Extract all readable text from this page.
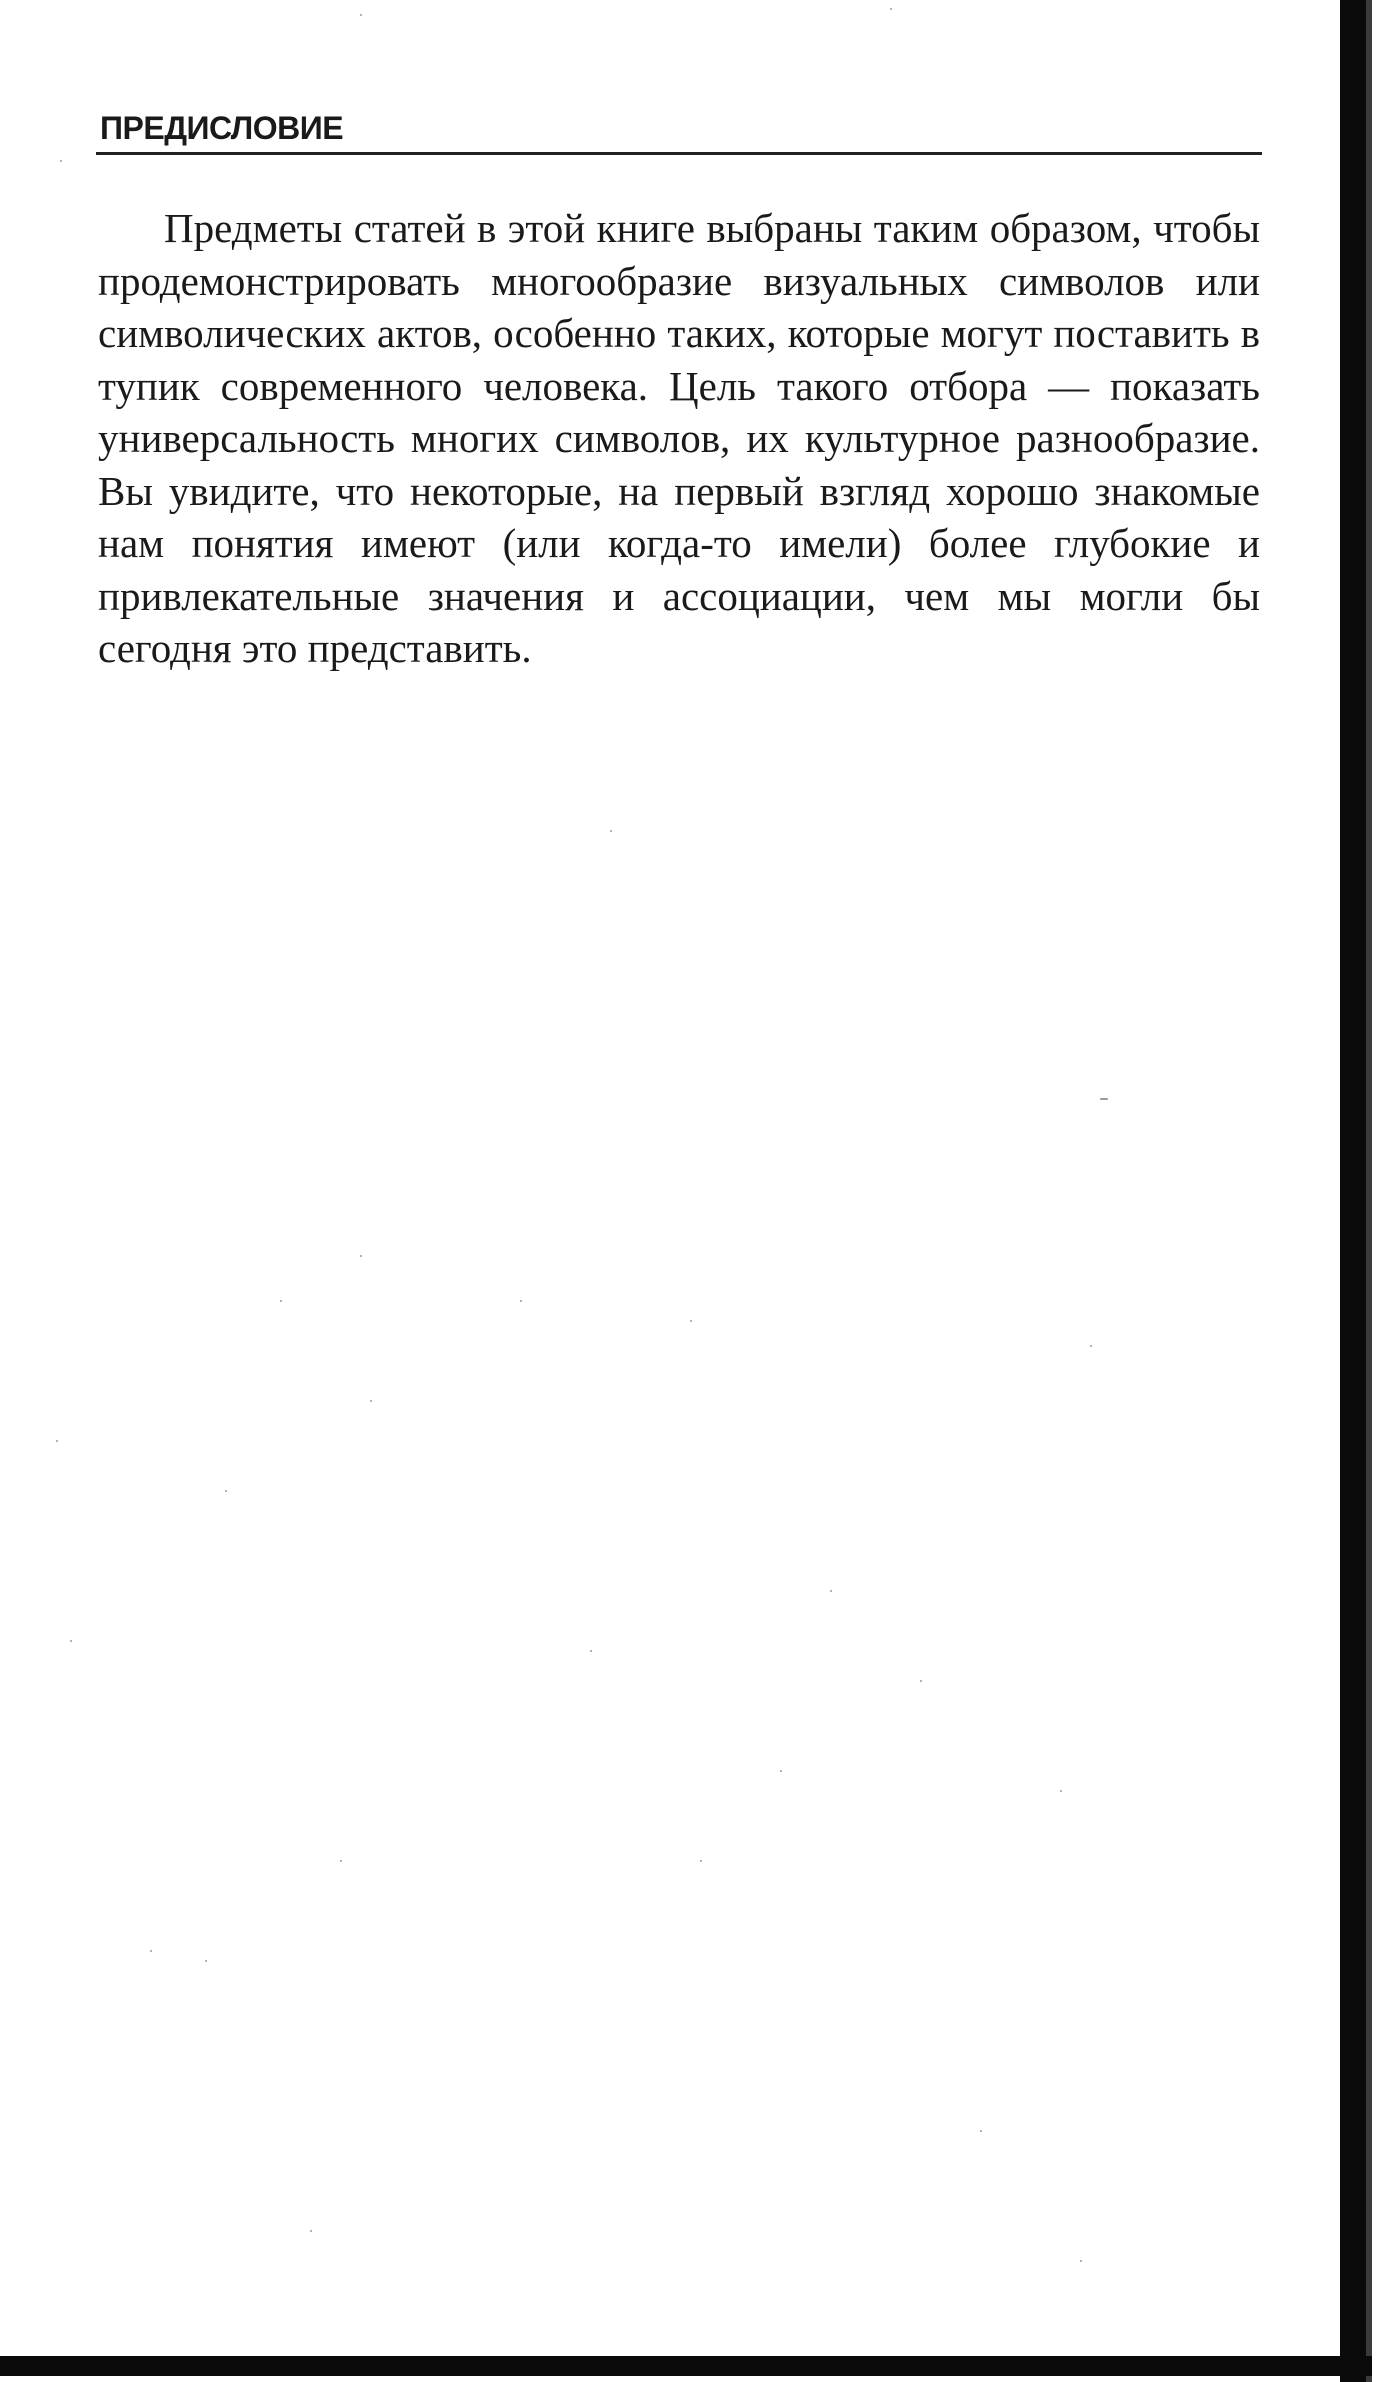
ПРЕДИСЛОВИЕ

Предметы статей в этой книге выбраны таким образом, чтобы продемонстрировать многообразие визуальных символов или символических актов, особенно таких, которые могут поставить в тупик современного человека. Цель такого отбора — показать универсальность многих символов, их культурное разнообразие. Вы увидите, что некоторые, на первый взгляд хорошо знакомые нам понятия имеют (или когда-то имели) более глубокие и привлекательные значения и ассоциации, чем мы могли бы сегодня это представить.
